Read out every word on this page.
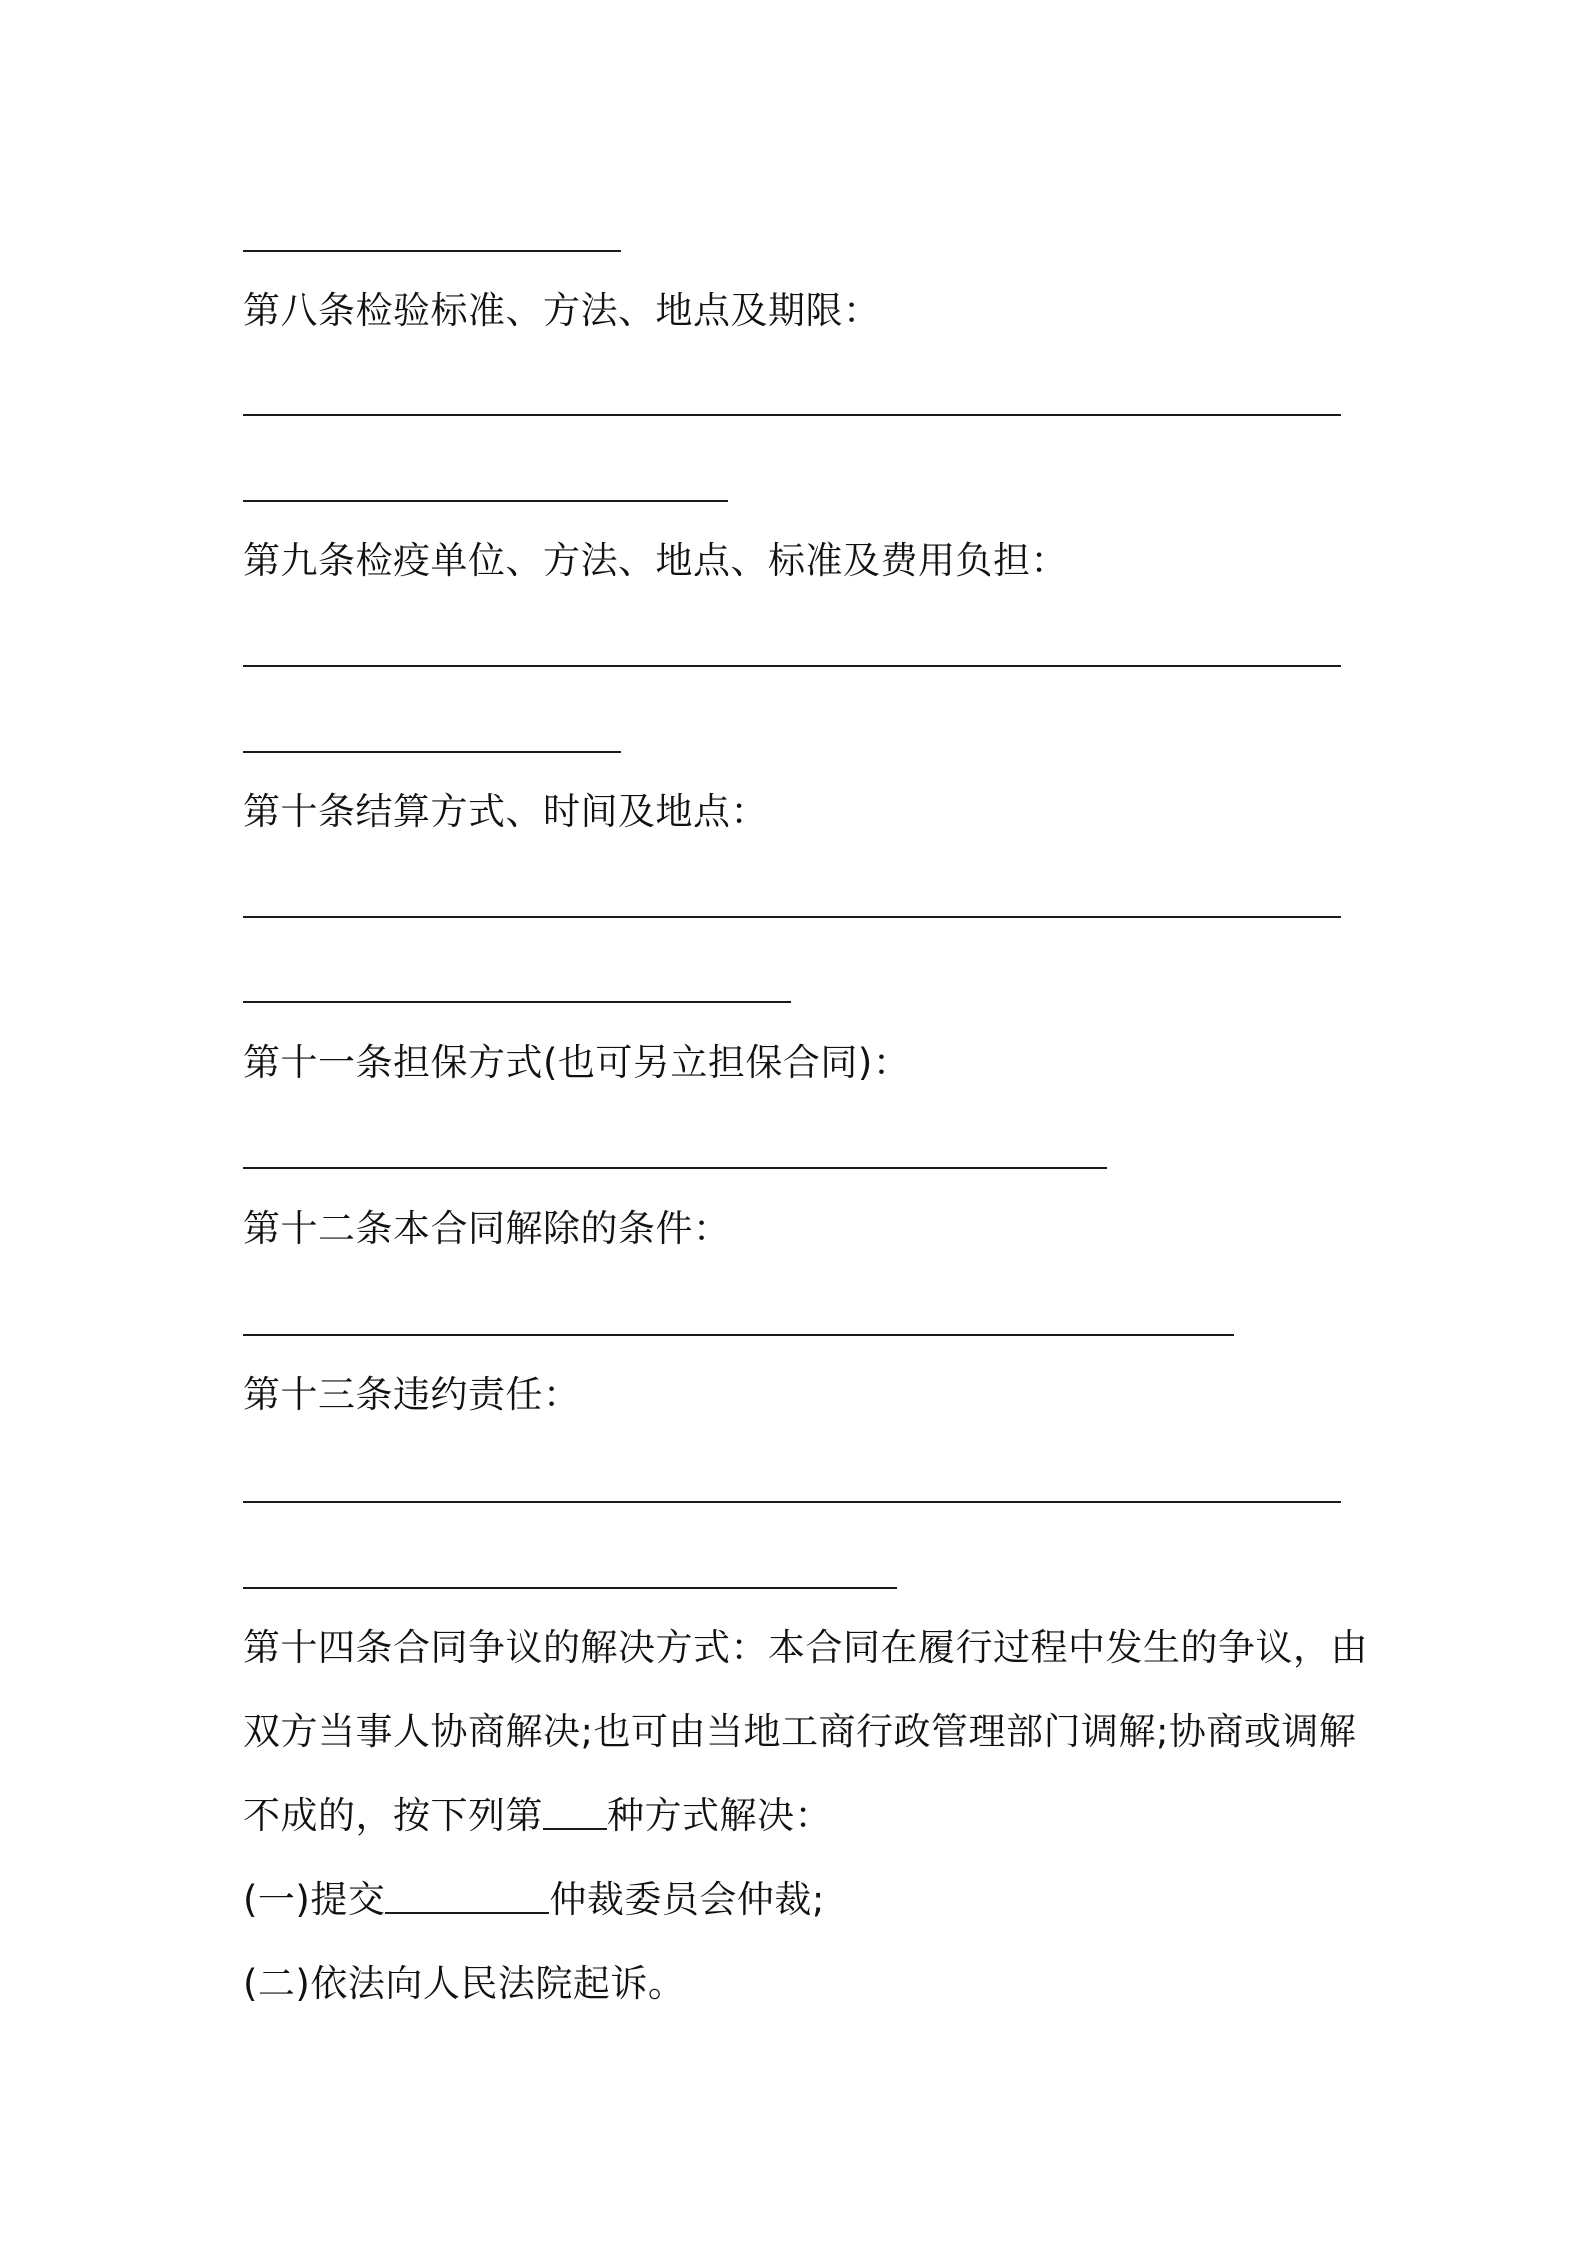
第八条检验标准、方法、地点及期限：
第九条检疫单位、方法、地点、标准及费用负担：
第十条结算方式、时间及地点：
第十一条担保方式(也可另立担保合同)：
第十二条本合同解除的条件：
第十三条违约责任：
第十四条合同争议的解决方式：本合同在履行过程中发生的争议，由
双方当事人协商解决;也可由当地工商行政管理部门调解;协商或调解
不成的，按下列第 种方式解决：
(一)提交	仲裁委员会仲裁;
(二)依法向人民法院起诉。
